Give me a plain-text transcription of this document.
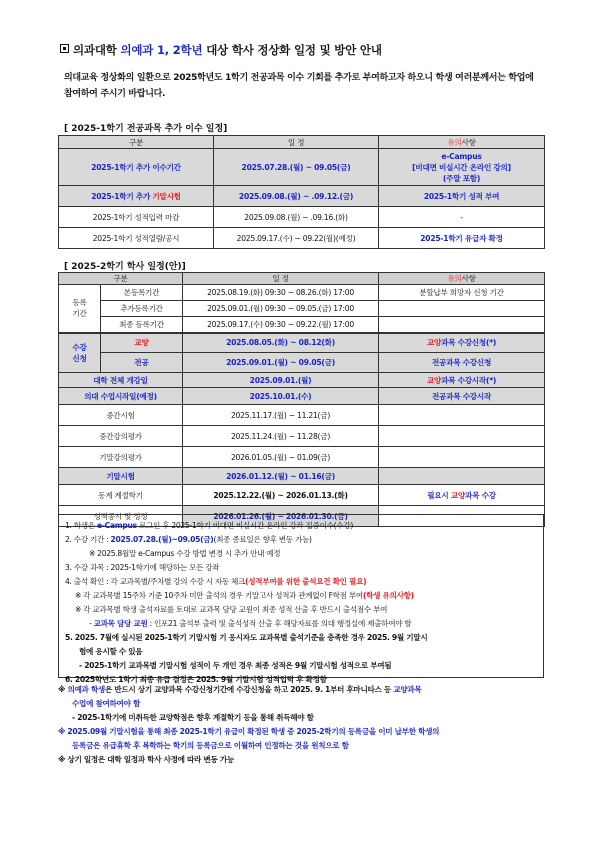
의과대학 의예과 1, 2학년 대상 학사 정상화 일정 및 방안 안내
의대교육 정상화의 일환으로 2025학년도 1학기 전공과목 이수 기회를 추가로 부여하고자 하오니 학생 여러분께서는 학업에 참여하여 주시기 바랍니다.
[ 2025-1학기 전공과목 추가 이수 일정]
구분	일 정	유의사항
2025-1학기 추가 이수기간	2025.07.28.(월) ~ 09.05(금)	e-Campus
[비대면 비실시간 온라인 강의]
(주말 포함)

2025-1학기 추가 기말시험	2025.09.08.(월) ~ .09.12.(금)	2025-1학기 성적 부여
2025-1학기 성적입력 마감	2025.09.08.(월) ~ .09.16.(화)	-
2025-1학기 성적열람/공시	2025.09.17.(수) ~ 09.22(월)(예정)	2025-1학기 유급자 확정
[ 2025-2학기 학사 일정(안)]
구분		일 정	유의사항

등록
기간	본등록기간	2025.08.19.(화) 09:30 ~ 08.26.(화) 17:00	분할납부 희망자 신청 기간
	추가등록기간	2025.09.01.(월) 09:30 ~ 09.05.(금) 17:00	
	최종 등록기간	2025.09.17.(수) 09:30 ~ 09.22.(월) 17:00	

수강
신청	교양	2025.08.05.(화) ~ 08.12(화)	교양과목 수강신청(*)
	전공	2025.09.01.(월) ~ 09.05(금)	전공과목 수강신청
대학 전체 개강일		2025.09.01.(월)	교양과목 수강시작(*)
의대 수업시작일(예정)		2025.10.01.(수)	전공과목 수강시작
중간시험		2025.11.17.(월) ~ 11.21(금)	
중간강의평가		2025.11.24.(월) ~ 11.28(금)	
기말강의평가		2026.01.05.(월) ~ 01.09(금)	
기말시험		2026.01.12.(월) ~ 01.16(금)	
동계 계절학기		2025.12.22.(월) ~ 2026.01.13.(화)	필요시 교양과목 수강
성적공시 및 정정		2026.01.26.(월) ~ 2026.01.30.(금)	
1. 학생은 e-Campus 로그인 후 2025-1학기 비대면 비실시간 온라인 강좌 집중이수(수강)
2. 수강 기간 : 2025.07.28.(월)~09.05(금)(최종 종료일은 향후 변동 가능)
※ 2025.8월말 e-Campus 수강 방법 변경 시 추가 안내 예정
3. 수강 과목 : 2025-1학기에 해당하는 모든 강좌
4. 출석 확인 : 각 교과목별/주차별 강의 수강 시 자동 체크(성적부여를 위한 출석요건 확인 필요)
※ 각 교과목별 15주차 기준 10주차 미만 출석의 경우 기말고사 성적과 관계없이 F학점 부여(학생 유의사항)
※ 각 교과목별 학생 출석자료를 토대로 교과목 담당 교원이 최종 성적 산출 후 반드시 출석점수 부여
- 교과목 담당 교원 : 인포21 출석부 출력 및 출석성적 산출 후 해당자료를 의대 행정실에 제출하여야 함
5. 2025. 7월에 실시된 2025-1학기 기말시험 기 응시자도 교과목별 출석기준을 충족한 경우 2025. 9월 기말시
험에 응시할 수 있음
- 2025-1학기 교과목별 기말시험 성적이 두 개인 경우 최종 성적은 9월 기말시험 성적으로 부여됨
6. 2025학년도 1학기 최종 유급 결정은 2025. 9월 기말시험 성적입력 후 확정함
※ 의예과 학생은 반드시 상기 교양과목 수강신청기간에 수강신청을 하고 2025. 9. 1부터 후마니타스 등 교양과목
수업에 참여하여야 함
- 2025-1학기에 미취득한 교양학점은 향후 계절학기 등을 통해 취득해야 함
※ 2025.09월 기말시험을 통해 최종 2025-1학기 유급이 확정된 학생 중 2025-2학기의 등록금을 이미 납부한 학생의
등록금은 유급휴학 후 복학하는 학기의 등록금으로 이월하여 인정하는 것을 원칙으로 함
※ 상기 일정은 대학 일정과 학사 사정에 따라 변동 가능
